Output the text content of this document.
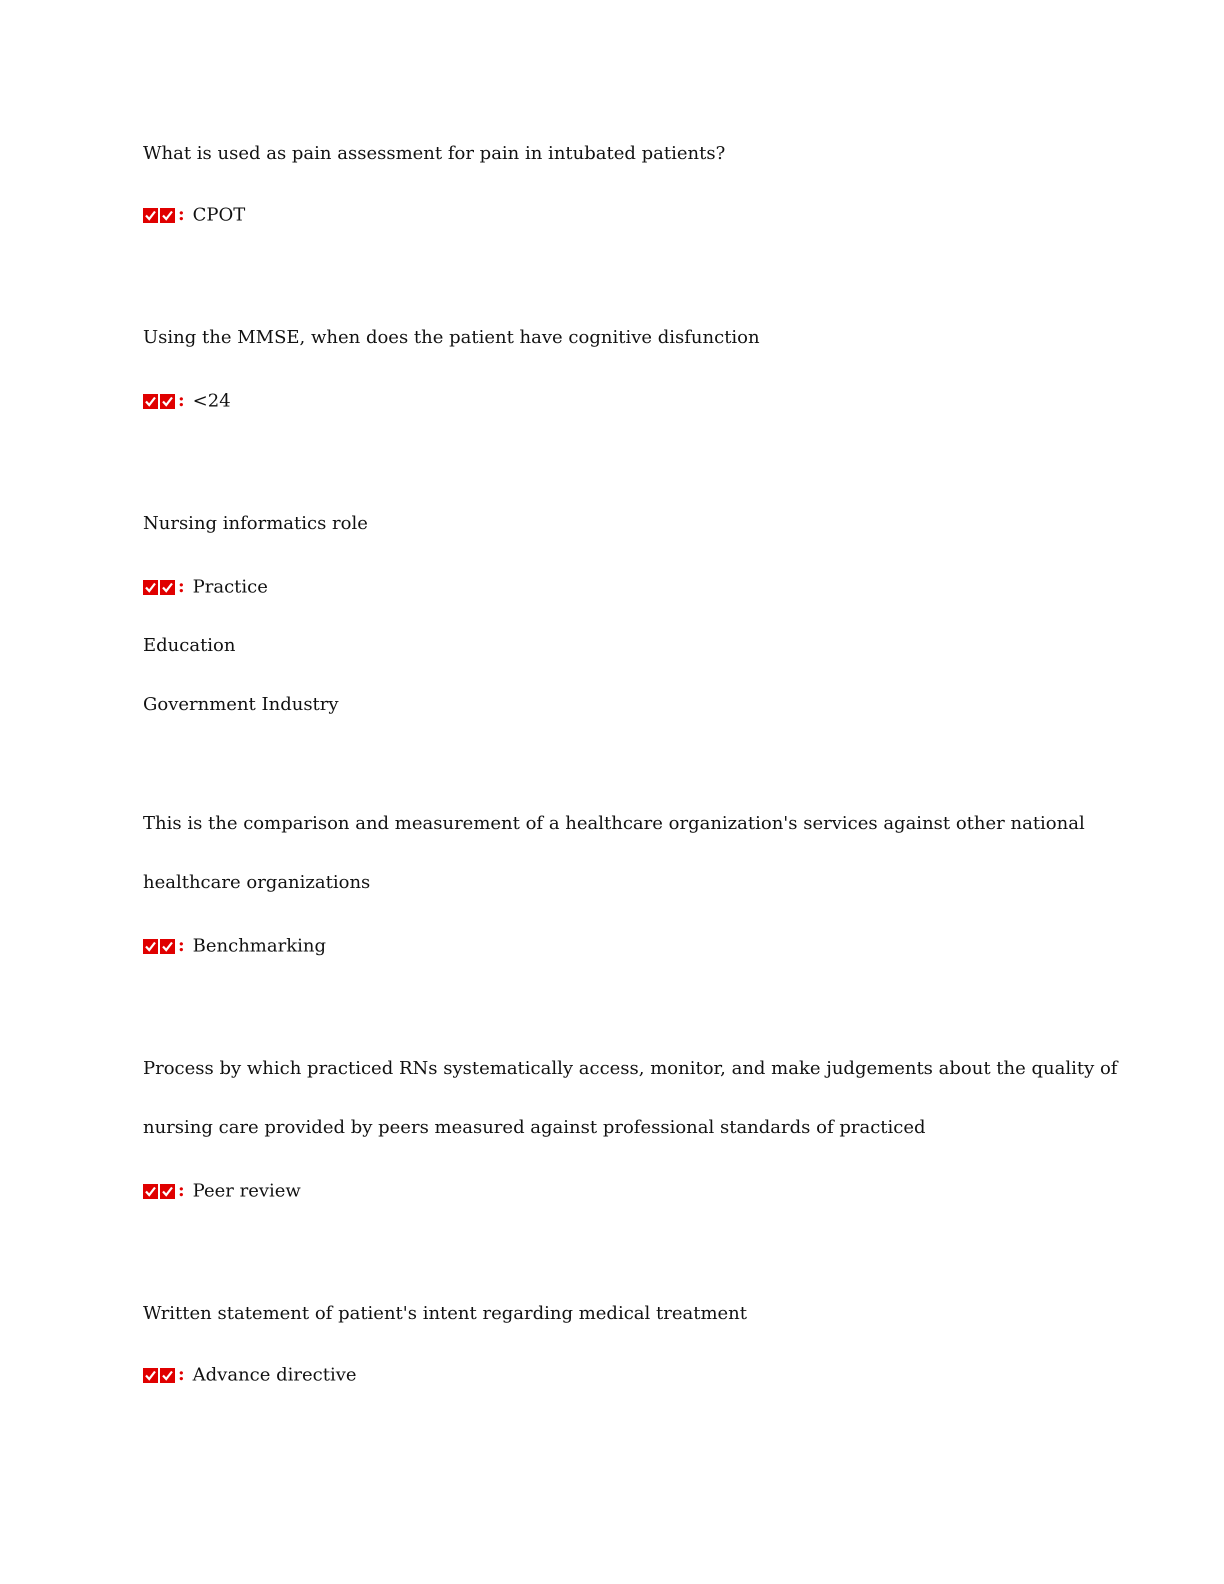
What is used as pain assessment for pain in intubated patients?
: CPOT
Using the MMSE, when does the patient have cognitive disfunction
: <24
Nursing informatics role
: Practice
Education
Government Industry
This is the comparison and measurement of a healthcare organization's services against other national
healthcare organizations
: Benchmarking
Process by which practiced RNs systematically access, monitor, and make judgements about the quality of
nursing care provided by peers measured against professional standards of practiced
: Peer review
Written statement of patient's intent regarding medical treatment
: Advance directive
